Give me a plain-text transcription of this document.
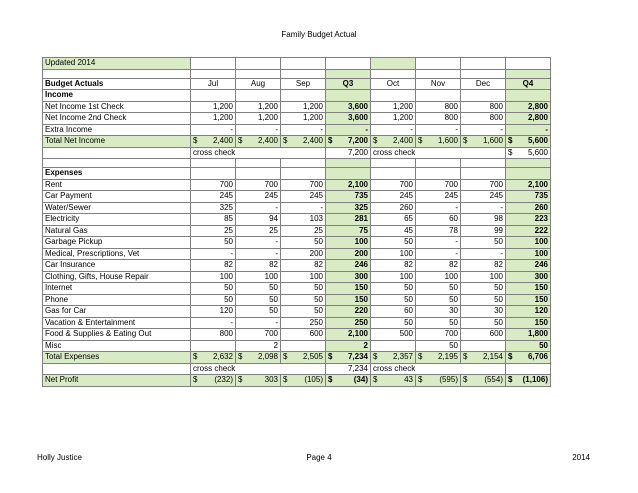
Family Budget Actual
Updated 2014								

Budget Actuals	Jul	Aug	Sep	Q3	Oct	Nov	Dec	Q4
Income								
Net Income 1st Check	1,200	1,200	1,200	3,600	1,200	800	800	2,800
Net Income 2nd Check	1,200	1,200	1,200	3,600	1,200	800	800	2,800
Extra Income	-	-	-	-	-	-	-	-
Total Net Income	$ 2,400	$ 2,400	$ 2,400	$ 7,200	$ 2,400	$ 1,600	$ 1,600	$ 5,600
	cross check			7,200	cross check			$ 5,600

Expenses								
Rent	700	700	700	2,100	700	700	700	2,100
Car Payment	245	245	245	735	245	245	245	735
Water/Sewer	325	-	-	325	260	-	-	260
Electricity	85	94	103	281	65	60	98	223
Natural Gas	25	25	25	75	45	78	99	222
Garbage Pickup	50	-	50	100	50	-	50	100
Medical, Prescriptions, Vet	-	-	200	200	100	-	-	100
Car Insurance	82	82	82	246	82	82	82	246
Clothing, Gifts, House Repair	100	100	100	300	100	100	100	300
Internet	50	50	50	150	50	50	50	150
Phone	50	50	50	150	50	50	50	150
Gas for Car	120	50	50	220	60	30	30	120
Vacation & Entertainment	-	-	250	250	50	50	50	150
Food & Supplies & Eating Out	800	700	600	2,100	500	700	600	1,800
Misc		2		2		50		50
Total Expenses	$ 2,632	$ 2,098	$ 2,505	$ 7,234	$ 2,357	$ 2,195	$ 2,154	$ 6,706
	cross check			7,234	cross check			
Net Profit	$ (232)	$ 303	$ (105)	$ (34)	$ 43	$ (595)	$ (554)	$ (1,106)
Holly Justice	Page 4	2014
